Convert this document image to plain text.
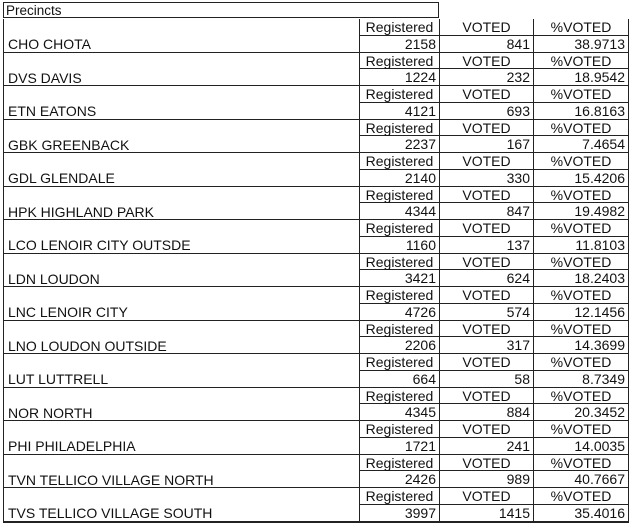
Precincts
CHO CHOTA
Registered	VOTED	%VOTED
2158	841	38.9713
DVS DAVIS
Registered	VOTED	%VOTED
1224	232	18.9542
ETN EATONS
Registered	VOTED	%VOTED
4121	693	16.8163
GBK GREENBACK
Registered	VOTED	%VOTED
2237	167	7.4654
GDL GLENDALE
Registered	VOTED	%VOTED
2140	330	15.4206
HPK HIGHLAND PARK
Registered	VOTED	%VOTED
4344	847	19.4982
LCO LENOIR CITY OUTSDE
Registered	VOTED	%VOTED
1160	137	11.8103
LDN LOUDON
Registered	VOTED	%VOTED
3421	624	18.2403
LNC LENOIR CITY
Registered	VOTED	%VOTED
4726	574	12.1456
LNO LOUDON OUTSIDE
Registered	VOTED	%VOTED
2206	317	14.3699
LUT LUTTRELL
Registered	VOTED	%VOTED
664	58	8.7349
NOR NORTH
Registered	VOTED	%VOTED
4345	884	20.3452
PHI PHILADELPHIA
Registered	VOTED	%VOTED
1721	241	14.0035
TVN TELLICO VILLAGE NORTH
Registered	VOTED	%VOTED
2426	989	40.7667
TVS TELLICO VILLAGE SOUTH
Registered	VOTED	%VOTED
3997	1415	35.4016
